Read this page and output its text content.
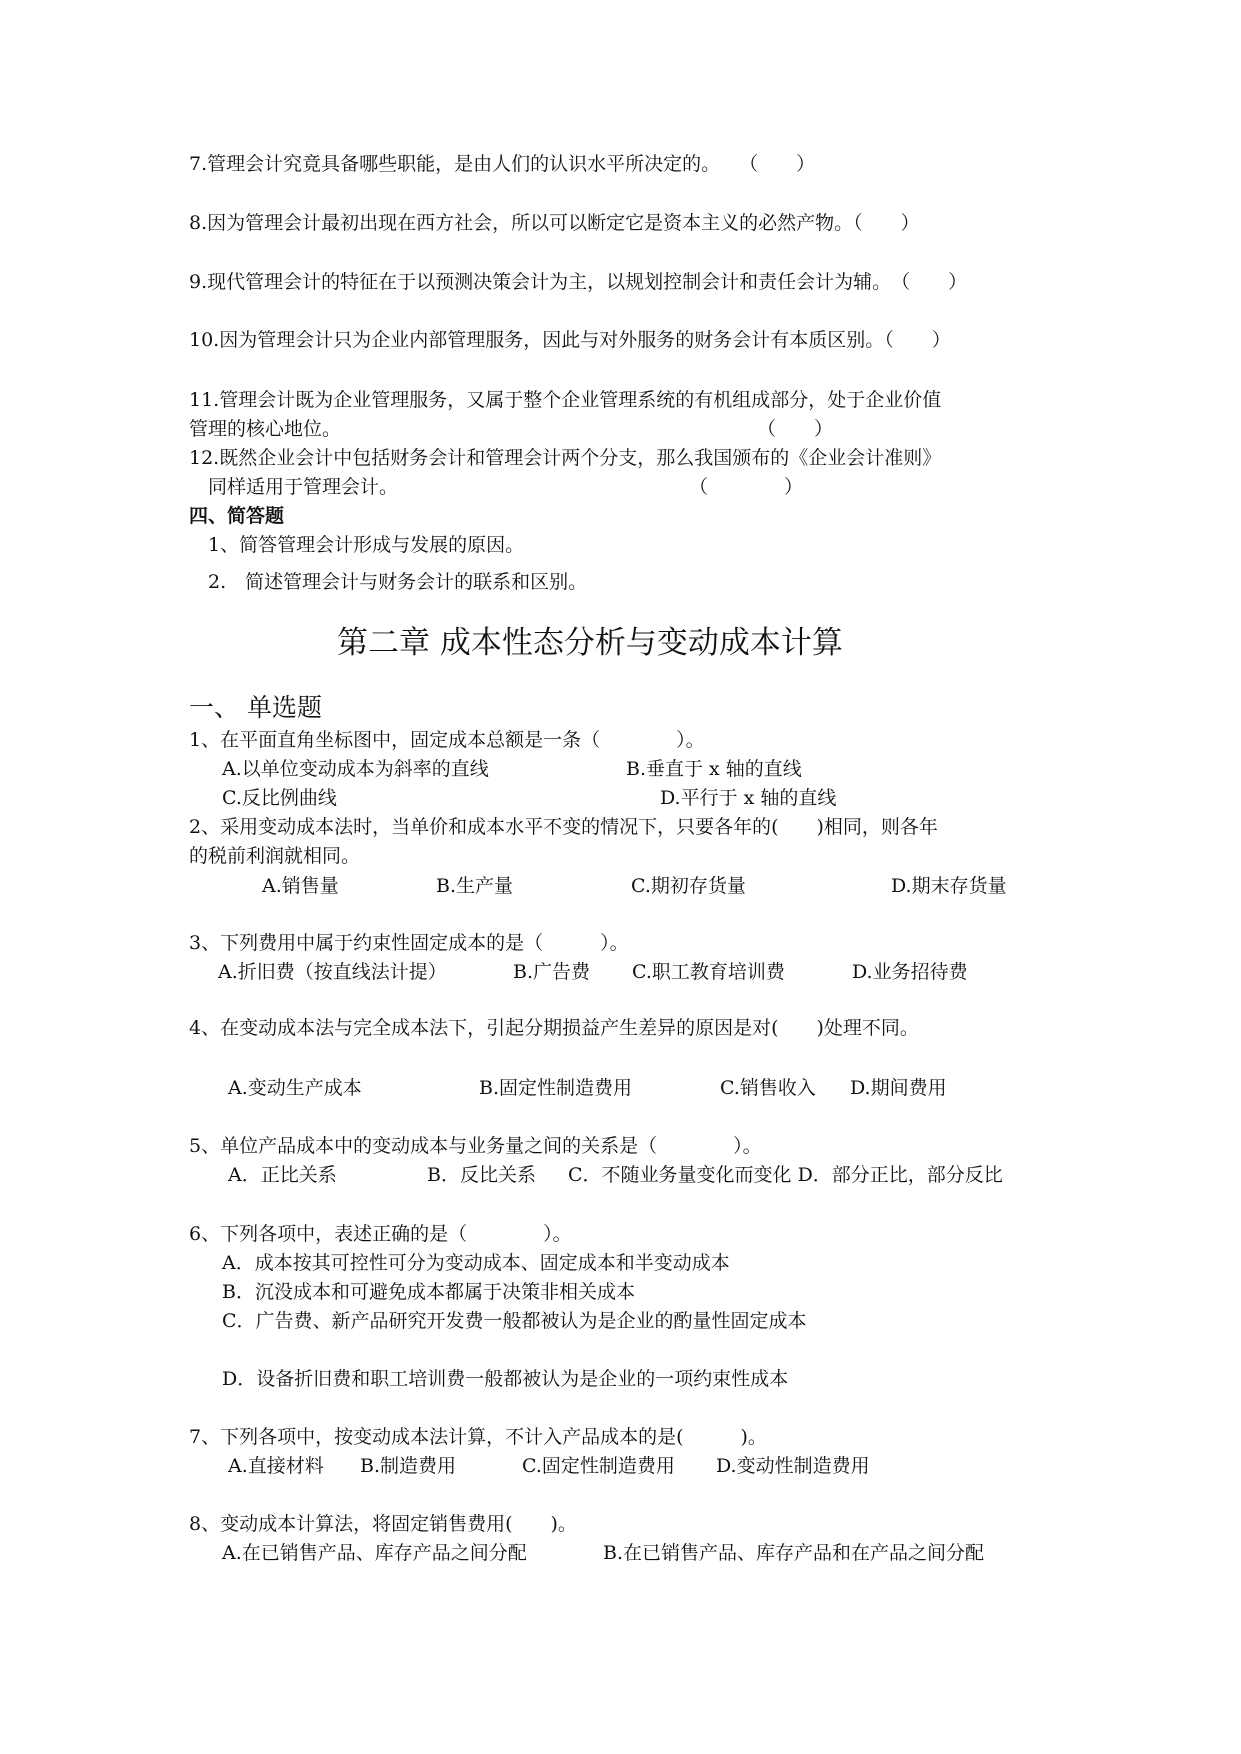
7.管理会计究竟具备哪些职能，是由人们的认识水平所决定的。　　（　　）
8.因为管理会计最初出现在西方社会，所以可以断定它是资本主义的必然产物。（　　）
9.现代管理会计的特征在于以预测决策会计为主，以规划控制会计和责任会计为辅。　（　　）
10.因为管理会计只为企业内部管理服务，因此与对外服务的财务会计有本质区别。（　　）
11.管理会计既为企业管理服务，又属于整个企业管理系统的有机组成部分，处于企业价值
管理的核心地位。	（　　）
12.既然企业会计中包括财务会计和管理会计两个分支，那么我国颁布的《企业会计准则》
同样适用于管理会计。	（　　　　）
四、简答题
1、简答管理会计形成与发展的原因。
2.　简述管理会计与财务会计的联系和区别。
第二章 成本性态分析与变动成本计算
一、 单选题
1、在平面直角坐标图中，固定成本总额是一条（　　　　）。
A.以单位变动成本为斜率的直线	B.垂直于 x 轴的直线
C.反比例曲线	D.平行于 x 轴的直线
2、采用变动成本法时，当单价和成本水平不变的情况下，只要各年的(　　)相同，则各年
的税前利润就相同。
A.销售量	B.生产量	C.期初存货量	D.期末存货量
3、下列费用中属于约束性固定成本的是（　　　）。
A.折旧费（按直线法计提）	B.广告费 C.职工教育培训费	D.业务招待费
4、在变动成本法与完全成本法下，引起分期损益产生差异的原因是对(　　)处理不同。
A.变动生产成本	B.固定性制造费用	C.销售收入 D.期间费用
5、单位产品成本中的变动成本与业务量之间的关系是（　　　　）。
A．正比关系	B．反比关系 C．不随业务量变化而变化 D．部分正比，部分反比
6、下列各项中，表述正确的是（　　　　）。
A．成本按其可控性可分为变动成本、固定成本和半变动成本
B．沉没成本和可避免成本都属于决策非相关成本
C．广告费、新产品研究开发费一般都被认为是企业的酌量性固定成本
D．设备折旧费和职工培训费一般都被认为是企业的一项约束性成本
7、下列各项中，按变动成本法计算，不计入产品成本的是(　　　)。
A.直接材料 B.制造费用	C.固定性制造费用 D.变动性制造费用
8、变动成本计算法，将固定销售费用(　　)。
A.在已销售产品、库存产品之间分配	B.在已销售产品、库存产品和在产品之间分配
